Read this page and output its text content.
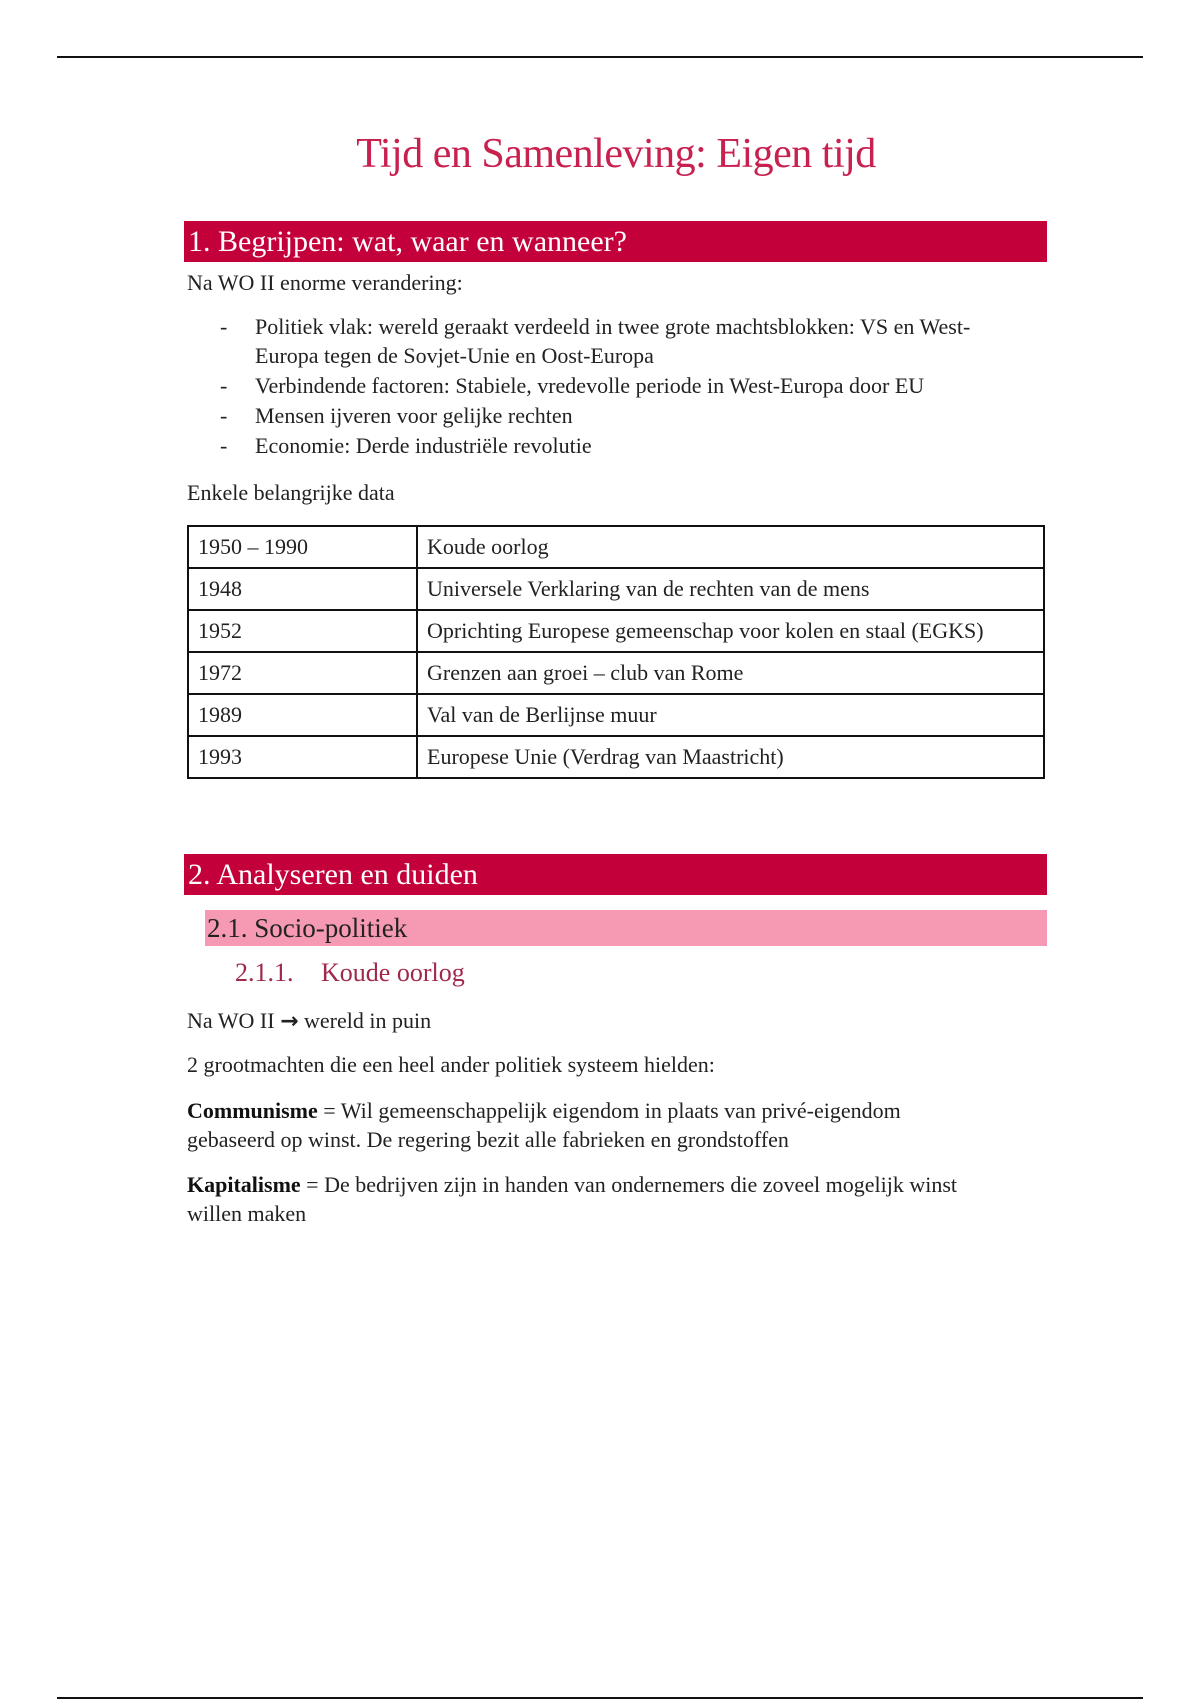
Tijd en Samenleving: Eigen tijd
1. Begrijpen: wat, waar en wanneer?
Na WO II enorme verandering:
- Politiek vlak: wereld geraakt verdeeld in twee grote machtsblokken: VS en West-
Europa tegen de Sovjet-Unie en Oost-Europa
- Verbindende factoren: Stabiele, vredevolle periode in West-Europa door EU
- Mensen ijveren voor gelijke rechten
- Economie: Derde industriële revolutie
Enkele belangrijke data
1950 – 1990	Koude oorlog
1948	Universele Verklaring van de rechten van de mens
1952	Oprichting Europese gemeenschap voor kolen en staal (EGKS)
1972	Grenzen aan groei – club van Rome
1989	Val van de Berlijnse muur
1993	Europese Unie (Verdrag van Maastricht)
2. Analyseren en duiden
2.1. Socio-politiek
2.1.1. Koude oorlog
Na WO II → wereld in puin
2 grootmachten die een heel ander politiek systeem hielden:
Communisme = Wil gemeenschappelijk eigendom in plaats van privé-eigendom
gebaseerd op winst. De regering bezit alle fabrieken en grondstoffen
Kapitalisme = De bedrijven zijn in handen van ondernemers die zoveel mogelijk winst
willen maken
